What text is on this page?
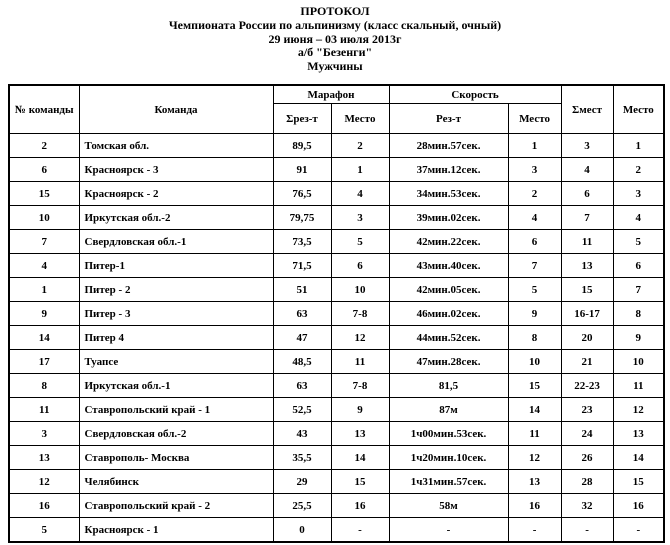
ПРОТОКОЛ
Чемпионата России по альпинизму (класс скальный, очный)
29 июня – 03 июля 2013г
а/б "Безенги"
Мужчины
№ команды	Команда	Марафон		Скорость		Σмест	Место
		Σрез-т	Место	Рез-т	Место		
2	Томская обл.	89,5	2	28мин.57сек.	1	3	1
6	Красноярск - 3	91	1	37мин.12сек.	3	4	2
15	Красноярск - 2	76,5	4	34мин.53сек.	2	6	3
10	Иркутская обл.-2	79,75	3	39мин.02сек.	4	7	4
7	Свердловская обл.-1	73,5	5	42мин.22сек.	6	11	5
4	Питер-1	71,5	6	43мин.40сек.	7	13	6
1	Питер - 2	51	10	42мин.05сек.	5	15	7
9	Питер - 3	63	7-8	46мин.02сек.	9	16-17	8
14	Питер 4	47	12	44мин.52сек.	8	20	9
17	Туапсе	48,5	11	47мин.28сек.	10	21	10
8	Иркутская обл.-1	63	7-8	81,5	15	22-23	11
11	Ставропольский край - 1	52,5	9	87м	14	23	12
3	Свердловская обл.-2	43	13	1ч00мин.53сек.	11	24	13
13	Ставрополь- Москва	35,5	14	1ч20мин.10сек.	12	26	14
12	Челябинск	29	15	1ч31мин.57сек.	13	28	15
16	Ставропольский край - 2	25,5	16	58м	16	32	16
5	Красноярск - 1	0	-	-	-	-	-
